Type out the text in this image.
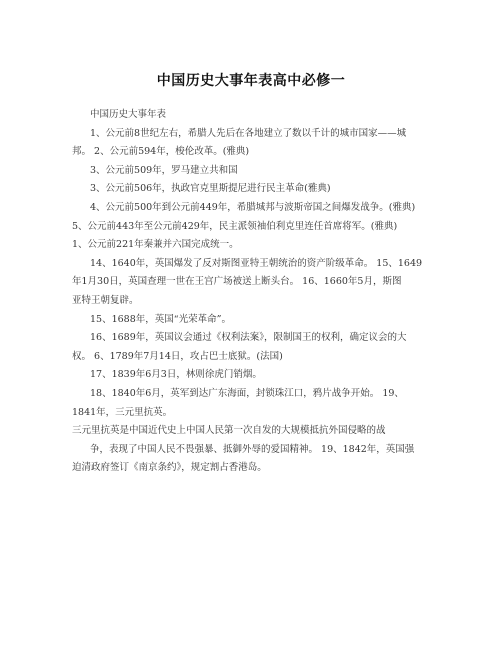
中国历史大事年表高中必修一
中国历史大事年表
1、公元前8世纪左右，希腊人先后在各地建立了数以千计的城市国家——城
邦。 2、公元前594年，梭伦改革。(雅典)
3、公元前509年，罗马建立共和国
3、公元前506年，执政官克里斯提尼进行民主革命(雅典)
4、公元前500年到公元前449年，希腊城邦与波斯帝国之间爆发战争。(雅典)
5、公元前443年至公元前429年，民主派领袖伯利克里连任首席将军。(雅典)
1、公元前221年秦兼并六国完成统一。
14、1640年，英国爆发了反对斯图亚特王朝统治的资产阶级革命。 15、1649
年1月30日，英国查理一世在王宫广场被送上断头台。 16、1660年5月，斯图
亚特王朝复辟。
15、1688年，英国“光荣革命”。
16、1689年，英国议会通过《权利法案》，限制国王的权利，确定议会的大
权。 6、1789年7月14日，攻占巴士底狱。(法国)
17、1839年6月3日，林则徐虎门销烟。
18、1840年6月，英军到达广东海面，封锁珠江口，鸦片战争开始。 19、
1841年，三元里抗英。
三元里抗英是中国近代史上中国人民第一次自发的大规模抵抗外国侵略的战
争，表现了中国人民不畏强暴、抵御外辱的爱国精神。 19、1842年，英国强
迫清政府签订《南京条约》，规定割占香港岛。
